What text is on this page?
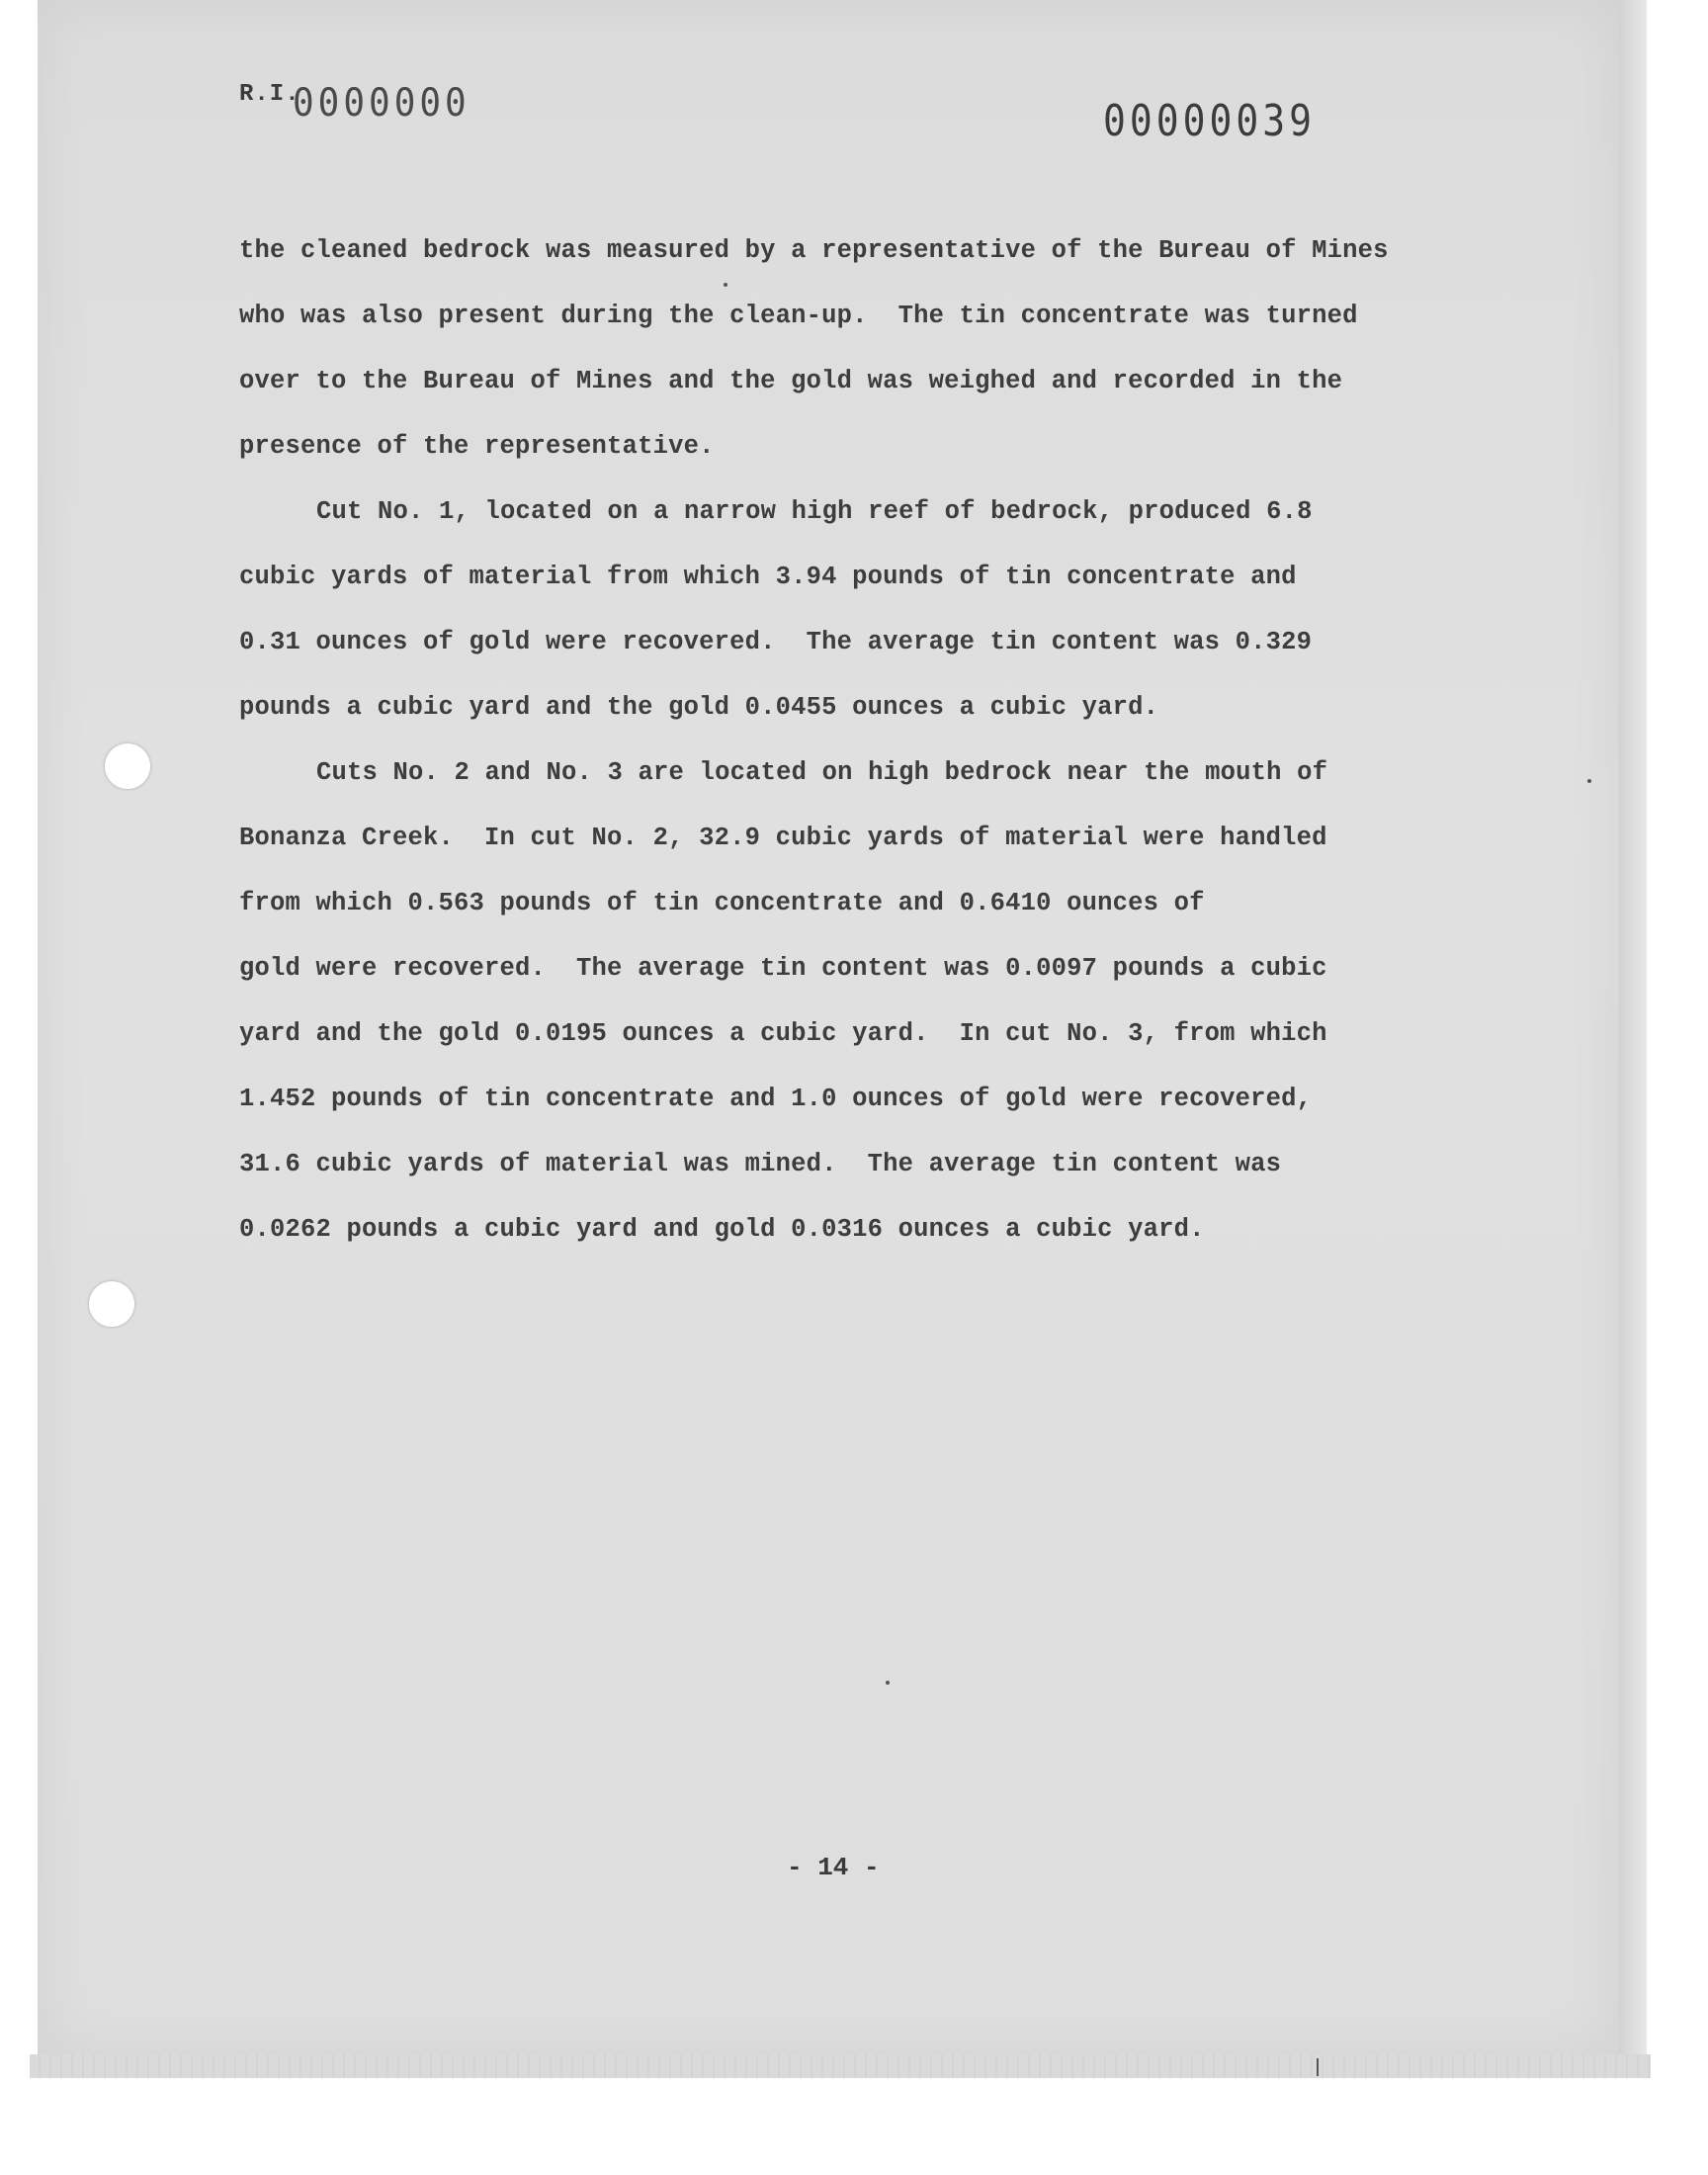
R.I.
0000000	00000039
the cleaned bedrock was measured by a representative of the Bureau of Mines
who was also present during the clean-up.  The tin concentrate was turned
over to the Bureau of Mines and the gold was weighed and recorded in the
presence of the representative.
Cut No. 1, located on a narrow high reef of bedrock, produced 6.8
cubic yards of material from which 3.94 pounds of tin concentrate and
0.31 ounces of gold were recovered.  The average tin content was 0.329
pounds a cubic yard and the gold 0.0455 ounces a cubic yard.
Cuts No. 2 and No. 3 are located on high bedrock near the mouth of
Bonanza Creek.  In cut No. 2, 32.9 cubic yards of material were handled
from which 0.563 pounds of tin concentrate and 0.6410 ounces of
gold were recovered.  The average tin content was 0.0097 pounds a cubic
yard and the gold 0.0195 ounces a cubic yard.  In cut No. 3, from which
1.452 pounds of tin concentrate and 1.0 ounces of gold were recovered,
31.6 cubic yards of material was mined.  The average tin content was
0.0262 pounds a cubic yard and gold 0.0316 ounces a cubic yard.
- 14 -
